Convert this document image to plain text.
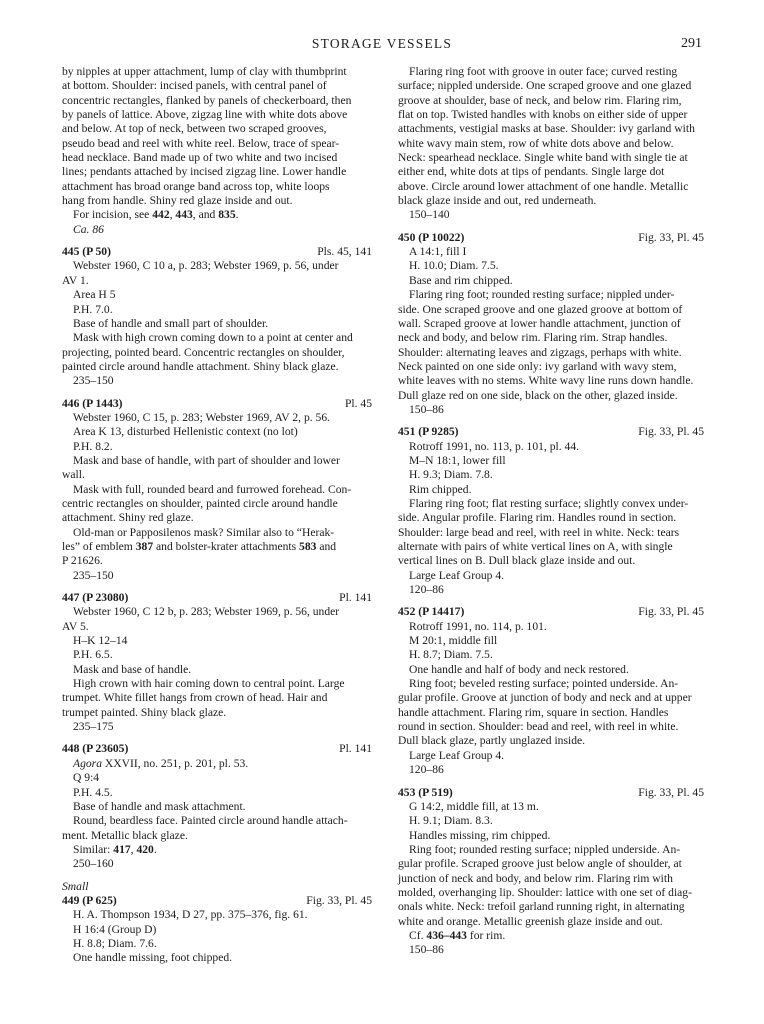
STORAGE VESSELS	291
by nipples at upper attachment, lump of clay with thumbprint
at bottom. Shoulder: incised panels, with central panel of
concentric rectangles, flanked by panels of checkerboard, then
by panels of lattice. Above, zigzag line with white dots above
and below. At top of neck, between two scraped grooves,
pseudo bead and reel with white reel. Below, trace of spear-
head necklace. Band made up of two white and two incised
lines; pendants attached by incised zigzag line. Lower handle
attachment has broad orange band across top, white loops
hang from handle. Shiny red glaze inside and out.
For incision, see 442, 443, and 835.
Ca. 86
445 (P 50)	Pls. 45, 141
Webster 1960, C 10 a, p. 283; Webster 1969, p. 56, under
AV 1.
Area H 5
P.H. 7.0.
Base of handle and small part of shoulder.
Mask with high crown coming down to a point at center and
projecting, pointed beard. Concentric rectangles on shoulder,
painted circle around handle attachment. Shiny black glaze.
235–150
446 (P 1443)	Pl. 45
Webster 1960, C 15, p. 283; Webster 1969, AV 2, p. 56.
Area K 13, disturbed Hellenistic context (no lot)
P.H. 8.2.
Mask and base of handle, with part of shoulder and lower
wall.
Mask with full, rounded beard and furrowed forehead. Con-
centric rectangles on shoulder, painted circle around handle
attachment. Shiny red glaze.
Old-man or Papposilenos mask? Similar also to “Herak-
les” of emblem 387 and bolster-krater attachments 583 and
P 21626.
235–150
447 (P 23080)	Pl. 141
Webster 1960, C 12 b, p. 283; Webster 1969, p. 56, under
AV 5.
H–K 12–14
P.H. 6.5.
Mask and base of handle.
High crown with hair coming down to central point. Large
trumpet. White fillet hangs from crown of head. Hair and
trumpet painted. Shiny black glaze.
235–175
448 (P 23605)	Pl. 141
Agora XXVII, no. 251, p. 201, pl. 53.
Q 9:4
P.H. 4.5.
Base of handle and mask attachment.
Round, beardless face. Painted circle around handle attach-
ment. Metallic black glaze.
Similar: 417, 420.
250–160
Small
449 (P 625)	Fig. 33, Pl. 45
H. A. Thompson 1934, D 27, pp. 375–376, fig. 61.
H 16:4 (Group D)
H. 8.8; Diam. 7.6.
One handle missing, foot chipped.
Flaring ring foot with groove in outer face; curved resting
surface; nippled underside. One scraped groove and one glazed
groove at shoulder, base of neck, and below rim. Flaring rim,
flat on top. Twisted handles with knobs on either side of upper
attachments, vestigial masks at base. Shoulder: ivy garland with
white wavy main stem, row of white dots above and below.
Neck: spearhead necklace. Single white band with single tie at
either end, white dots at tips of pendants. Single large dot
above. Circle around lower attachment of one handle. Metallic
black glaze inside and out, red underneath.
150–140
450 (P 10022)	Fig. 33, Pl. 45
A 14:1, fill I
H. 10.0; Diam. 7.5.
Base and rim chipped.
Flaring ring foot; rounded resting surface; nippled under-
side. One scraped groove and one glazed groove at bottom of
wall. Scraped groove at lower handle attachment, junction of
neck and body, and below rim. Flaring rim. Strap handles.
Shoulder: alternating leaves and zigzags, perhaps with white.
Neck painted on one side only: ivy garland with wavy stem,
white leaves with no stems. White wavy line runs down handle.
Dull glaze red on one side, black on the other, glazed inside.
150–86
451 (P 9285)	Fig. 33, Pl. 45
Rotroff 1991, no. 113, p. 101, pl. 44.
M–N 18:1, lower fill
H. 9.3; Diam. 7.8.
Rim chipped.
Flaring ring foot; flat resting surface; slightly convex under-
side. Angular profile. Flaring rim. Handles round in section.
Shoulder: large bead and reel, with reel in white. Neck: tears
alternate with pairs of white vertical lines on A, with single
vertical lines on B. Dull black glaze inside and out.
Large Leaf Group 4.
120–86
452 (P 14417)	Fig. 33, Pl. 45
Rotroff 1991, no. 114, p. 101.
M 20:1, middle fill
H. 8.7; Diam. 7.5.
One handle and half of body and neck restored.
Ring foot; beveled resting surface; pointed underside. An-
gular profile. Groove at junction of body and neck and at upper
handle attachment. Flaring rim, square in section. Handles
round in section. Shoulder: bead and reel, with reel in white.
Dull black glaze, partly unglazed inside.
Large Leaf Group 4.
120–86
453 (P 519)	Fig. 33, Pl. 45
G 14:2, middle fill, at 13 m.
H. 9.1; Diam. 8.3.
Handles missing, rim chipped.
Ring foot; rounded resting surface; nippled underside. An-
gular profile. Scraped groove just below angle of shoulder, at
junction of neck and body, and below rim. Flaring rim with
molded, overhanging lip. Shoulder: lattice with one set of diag-
onals white. Neck: trefoil garland running right, in alternating
white and orange. Metallic greenish glaze inside and out.
Cf. 436–443 for rim.
150–86
